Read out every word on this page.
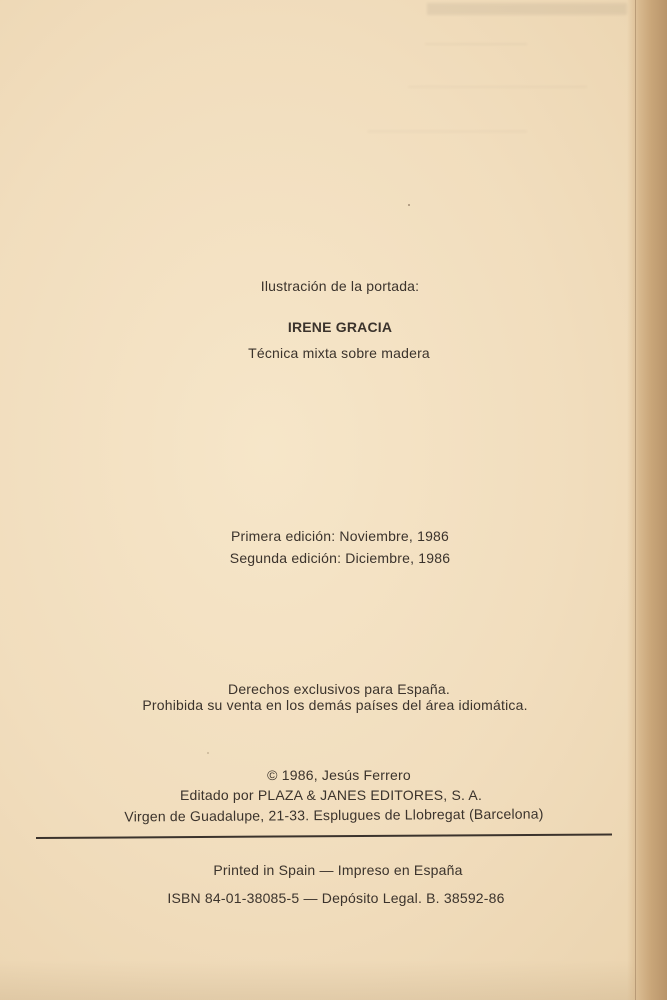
▬▬▬▬▬
─────────
──────────────────
───────────────
Ilustración de la portada:
IRENE GRACIA
Técnica mixta sobre madera
Primera edición: Noviembre, 1986
Segunda edición: Diciembre, 1986
Derechos exclusivos para España.
Prohibida su venta en los demás países del área idiomática.
© 1986, Jesús Ferrero
Editado por PLAZA & JANES EDITORES, S. A.
Virgen de Guadalupe, 21-33. Esplugues de Llobregat (Barcelona)
Printed in Spain — Impreso en España
ISBN 84-01-38085-5 — Depósito Legal. B. 38592-86
